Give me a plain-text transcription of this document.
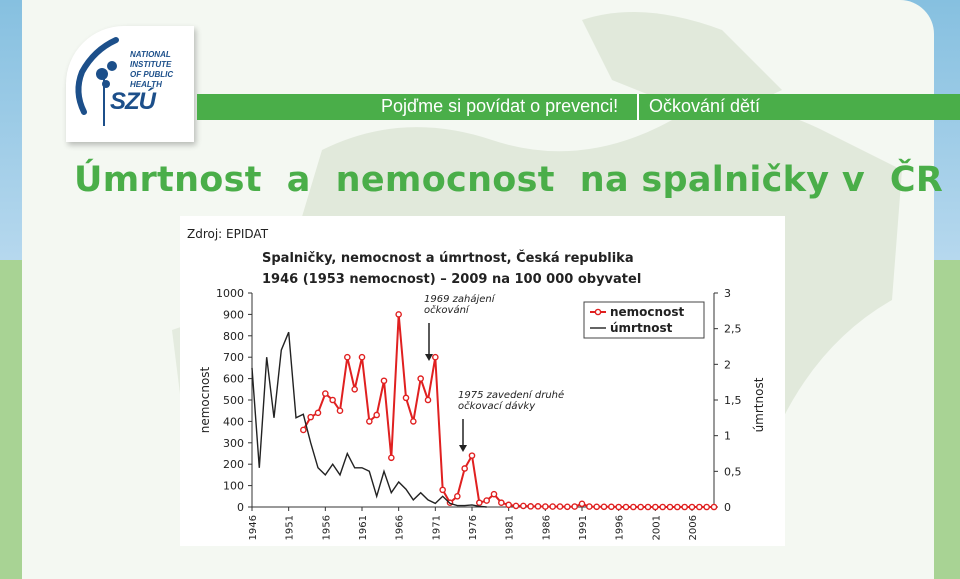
NATIONAL
INSTITUTE
OF PUBLIC
HEALTH
SZÚ	Pojďme si povídat o prevenci! Očkování dětí
Úmrtnost  a  nemocnost  na spalničky v  ČR
Zdroj: EPIDAT
Spalničky, nemocnost a úmrtnost, Česká republika
1946 (1953 nemocnost) – 2009 na 100 000 obyvatel
0
100
200
300
400
500
600
700
800
900
1000
0
0,5
1
1,5
2
2,5
3
1946	1951	1956	1961	1966	1971	1976	1981	1986	1991	1996	2001	2006
nemocnost	úmrtnost
1969 zahájení
očkování
1975 zavedení druhé
očkovací dávky
nemocnost
úmrtnost
